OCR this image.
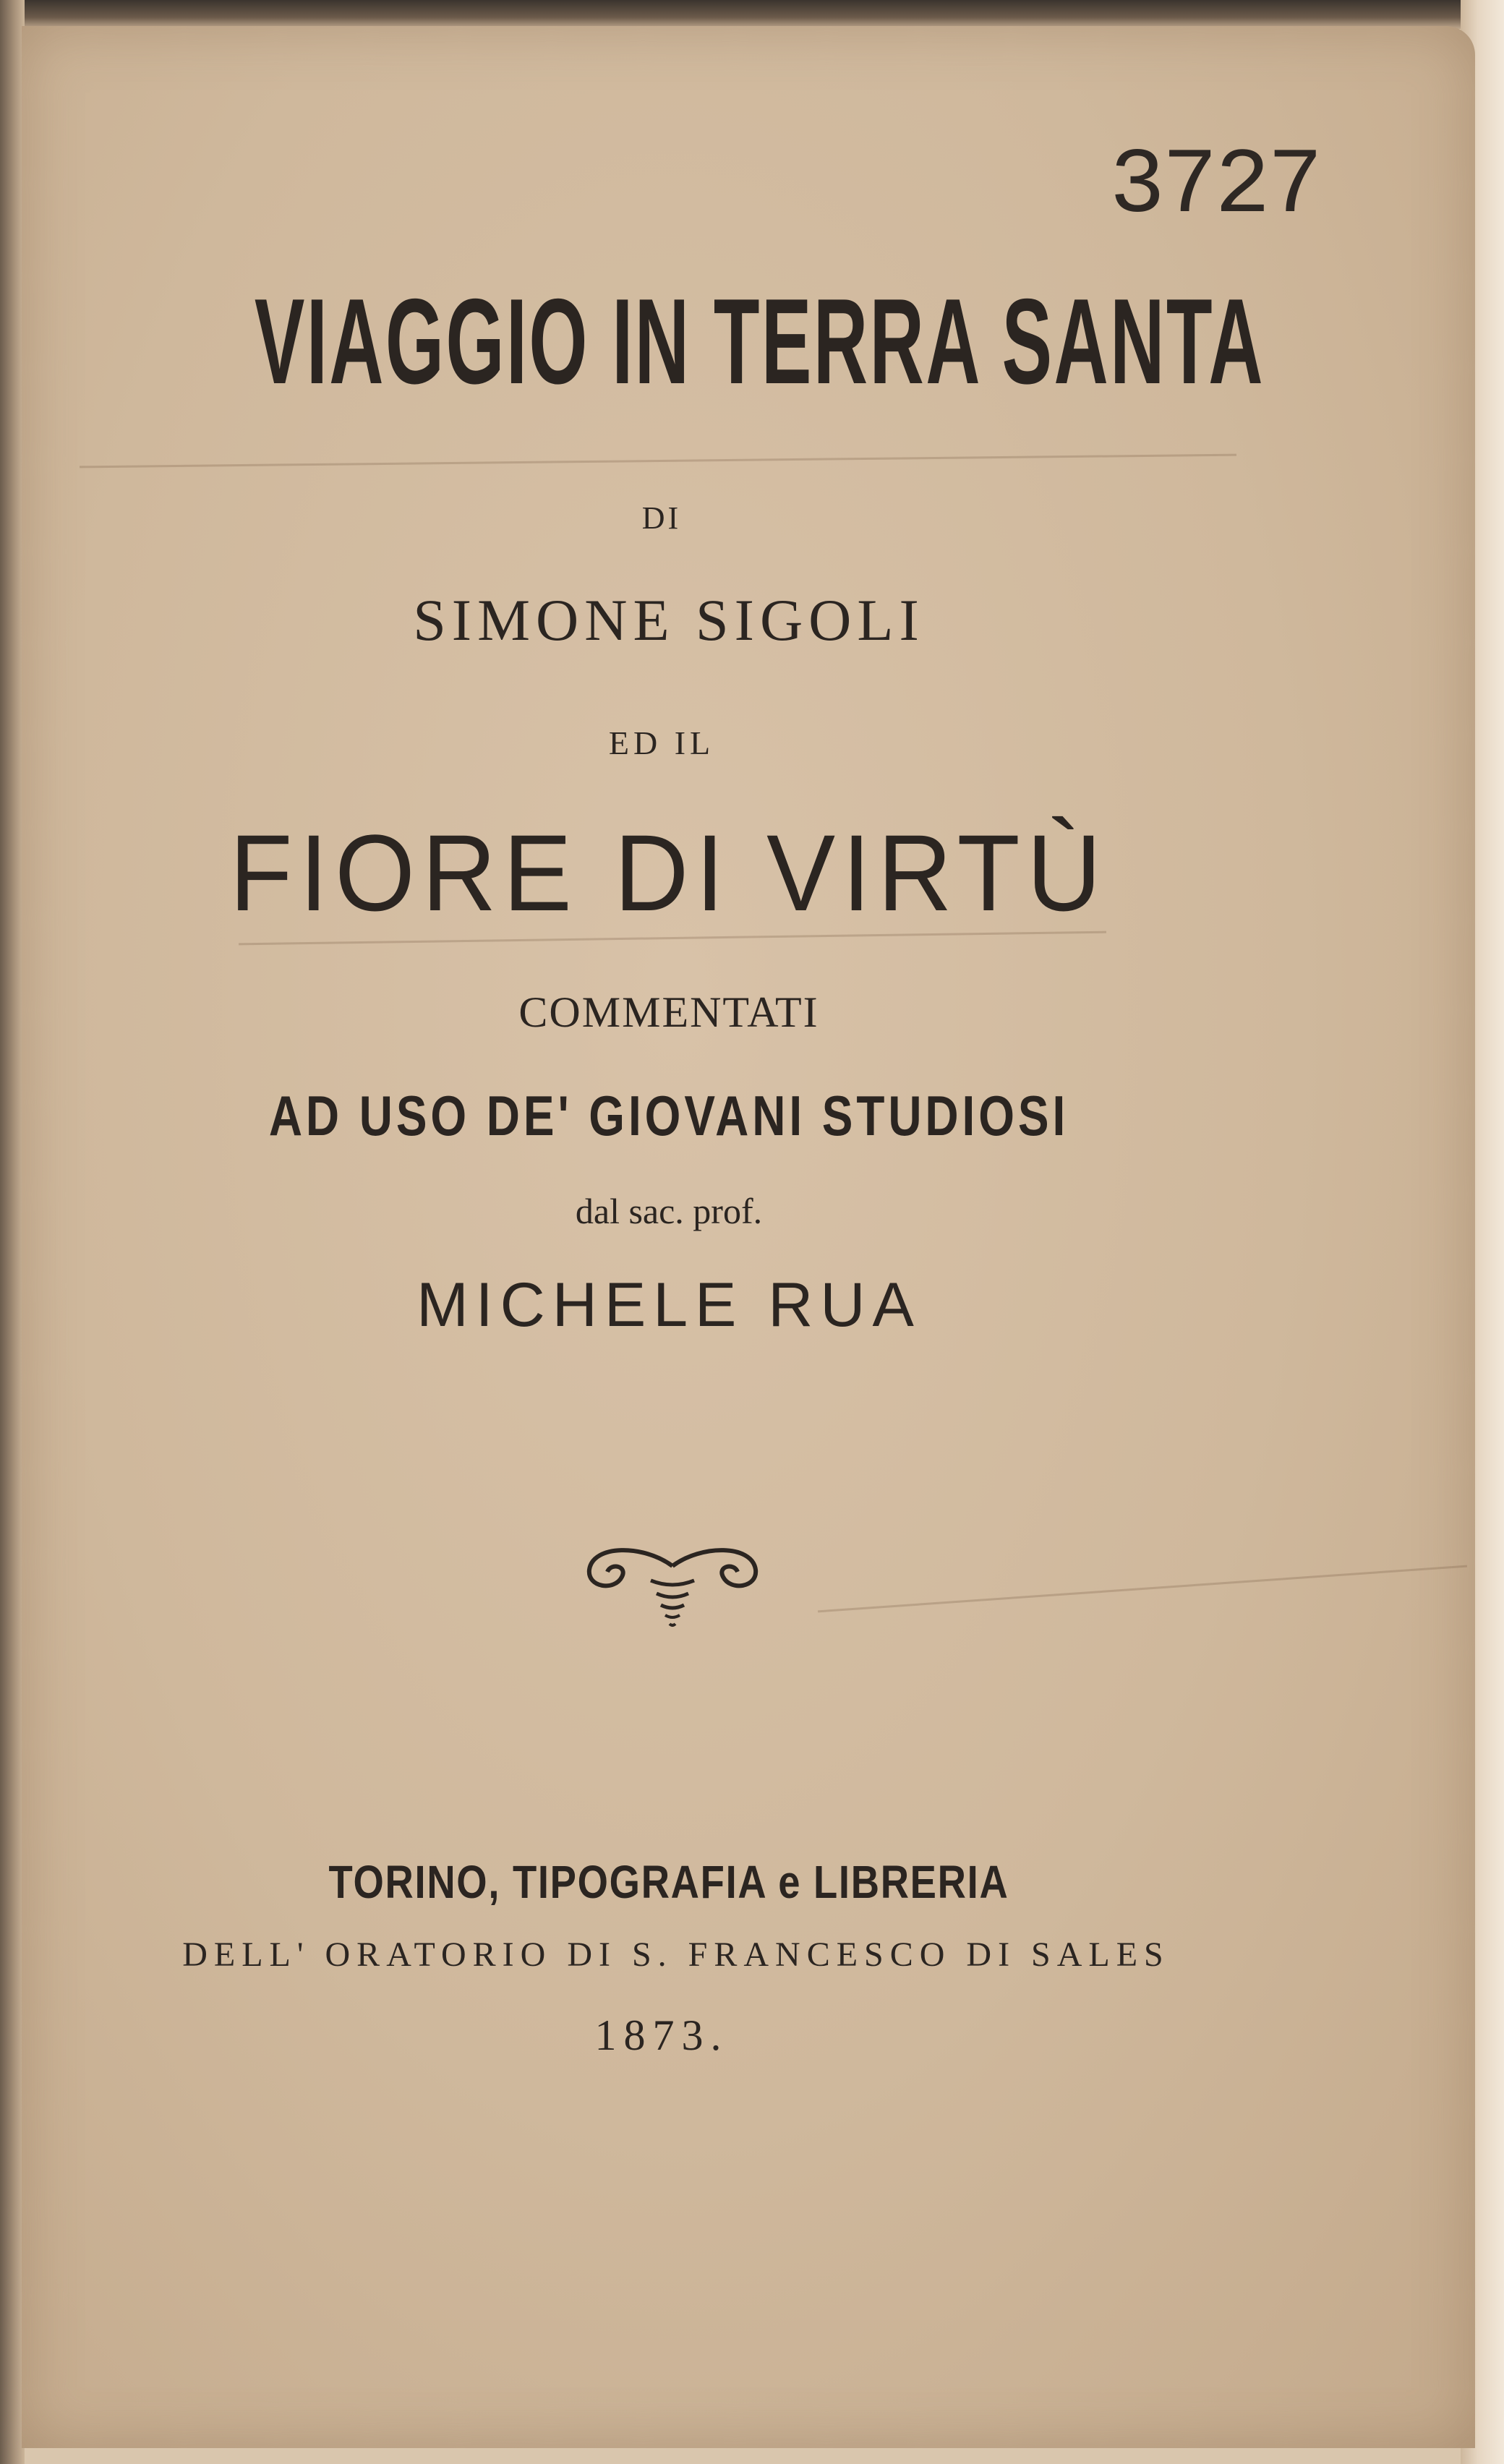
3727
VIAGGIO IN TERRA SANTA
DI
SIMONE SIGOLI
ED IL
FIORE DI VIRTÙ
COMMENTATI
AD USO DE' GIOVANI STUDIOSI
dal sac. prof.
MICHELE RUA
TORINO, TIPOGRAFIA e LIBRERIA
DELL' ORATORIO DI S. FRANCESCO DI SALES
1873.
